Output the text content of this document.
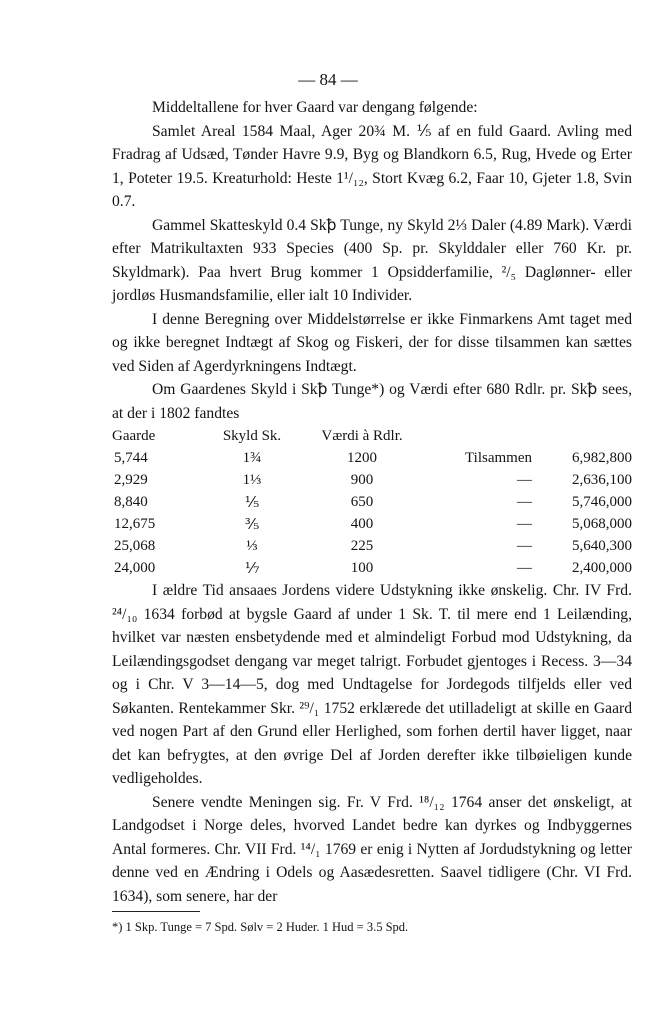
— 84 —

Middeltallene for hver Gaard var dengang følgende:

Samlet Areal 1584 Maal, Ager 20¾ M. ⅕ af en fuld Gaard. Avling med Fradrag af Udsæd, Tønder Havre 9.9, Byg og Blandkorn 6.5, Rug, Hvede og Erter 1, Poteter 19.5. Kreaturhold: Heste 1¹/₁₂, Stort Kvæg 6.2, Faar 10, Gjeter 1.8, Svin 0.7.

Gammel Skatteskyld 0.4 Skꝥ Tunge, ny Skyld 2⅓ Daler (4.89 Mark). Værdi efter Matrikultaxten 933 Species (400 Sp. pr. Skylddaler eller 760 Kr. pr. Skyldmark). Paa hvert Brug kommer 1 Opsidderfamilie, ²/₅ Daglønner- eller jordløs Husmandsfamilie, eller ialt 10 Individer.

I denne Beregning over Middelstørrelse er ikke Finmarkens Amt taget med og ikke beregnet Indtægt af Skog og Fiskeri, der for disse tilsammen kan sættes ved Siden af Agerdyrkningens Indtægt.

Om Gaardenes Skyld i Skꝥ Tunge*) og Værdi efter 680 Rdlr. pr. Skꝥ sees, at der i 1802 fandtes

Gaarde	Skyld Sk.	Værdi à Rdlr.		
5,744	1¾	1200	Tilsammen	6,982,800
2,929	1⅓	900	—	2,636,100
8,840	⅕	650	—	5,746,000
12,675	⅗	400	—	5,068,000
25,068	⅓	225	—	5,640,300
24,000	⅐	100	—	2,400,000

I ældre Tid ansaaes Jordens videre Udstykning ikke ønskelig. Chr. IV Frd. ²⁴/₁₀ 1634 forbød at bygsle Gaard af under 1 Sk. T. til mere end 1 Leilænding, hvilket var næsten ensbetydende med et almindeligt Forbud mod Udstykning, da Leilændingsgodset dengang var meget talrigt. Forbudet gjentoges i Recess. 3—34 og i Chr. V 3—14—5, dog med Undtagelse for Jordegods tilfjelds eller ved Søkanten. Rentekammer Skr. ²⁹/₁ 1752 erklærede det utilladeligt at skille en Gaard ved nogen Part af den Grund eller Herlighed, som forhen dertil haver ligget, naar det kan befrygtes, at den øvrige Del af Jorden derefter ikke tilbøieligen kunde vedligeholdes.

Senere vendte Meningen sig. Fr. V Frd. ¹⁸/₁₂ 1764 anser det ønskeligt, at Landgodset i Norge deles, hvorved Landet bedre kan dyrkes og Indbyggernes Antal formeres. Chr. VII Frd. ¹⁴/₁ 1769 er enig i Nytten af Jordudstykning og letter denne ved en Ændring i Odels og Aasædesretten. Saavel tidligere (Chr. VI Frd. 1634), som senere, har der

*) 1 Skp. Tunge = 7 Spd. Sølv = 2 Huder. 1 Hud = 3.5 Spd.
